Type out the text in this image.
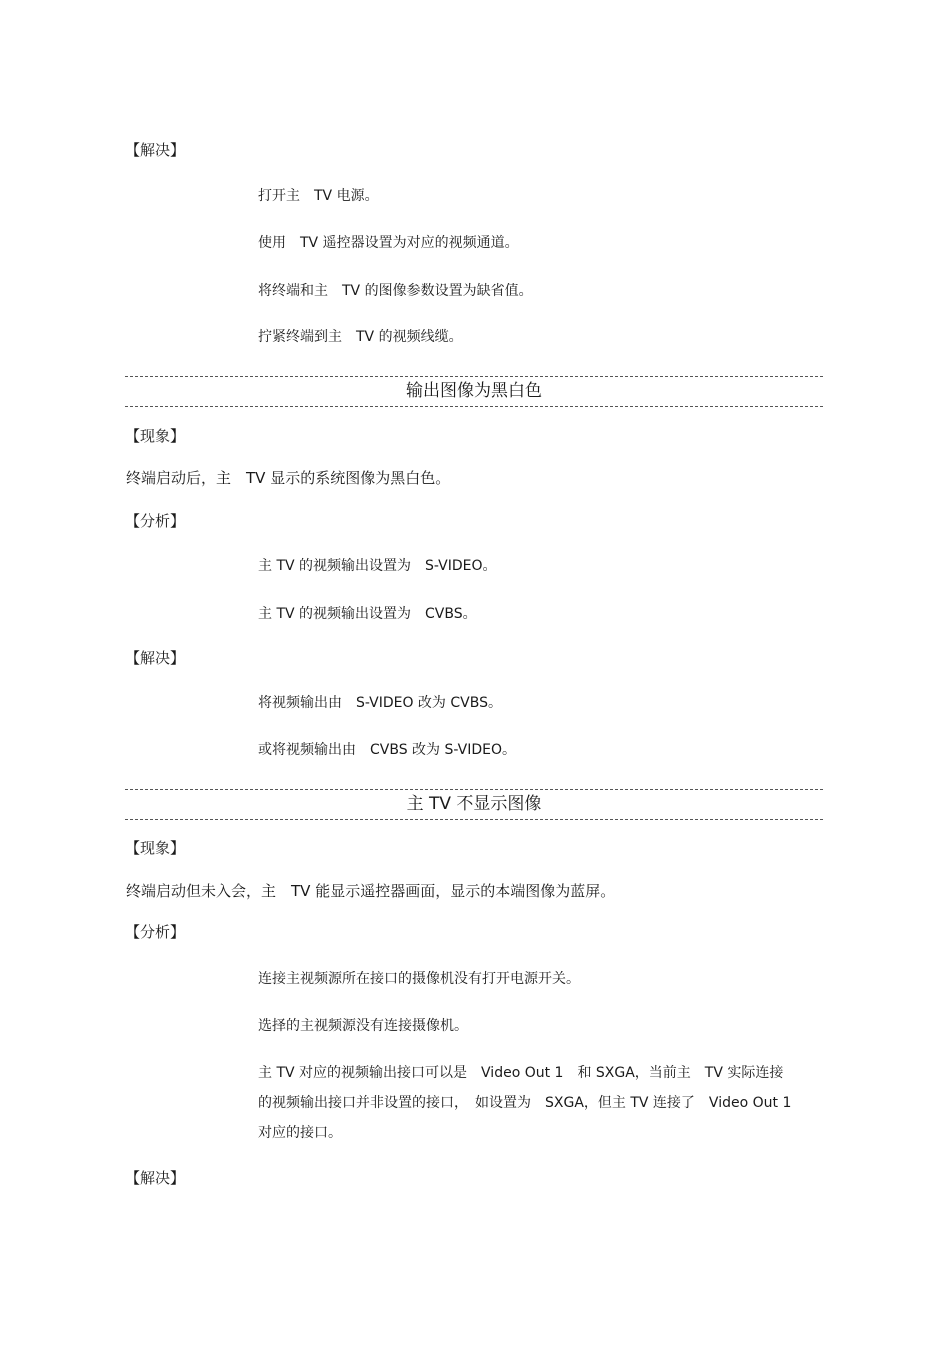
【解决】
打开主　TV 电源。
使用　TV 遥控器设置为对应的视频通道。
将终端和主　TV 的图像参数设置为缺省值。
拧紧终端到主　TV 的视频线缆。
输出图像为黑白色
【现象】
终端启动后，主　TV 显示的系统图像为黑白色。
【分析】
主 TV 的视频输出设置为　S-VIDEO。
主 TV 的视频输出设置为　CVBS。
【解决】
将视频输出由　S-VIDEO 改为 CVBS。
或将视频输出由　CVBS 改为 S-VIDEO。
主 TV 不显示图像
【现象】
终端启动但未入会，主　TV 能显示遥控器画面，显示的本端图像为蓝屏。
【分析】
连接主视频源所在接口的摄像机没有打开电源开关。
选择的主视频源没有连接摄像机。
主 TV 对应的视频输出接口可以是　Video Out 1　和 SXGA，当前主　TV 实际连接
的视频输出接口并非设置的接口，　如设置为　SXGA，但主 TV 连接了　Video Out 1
对应的接口。
【解决】
